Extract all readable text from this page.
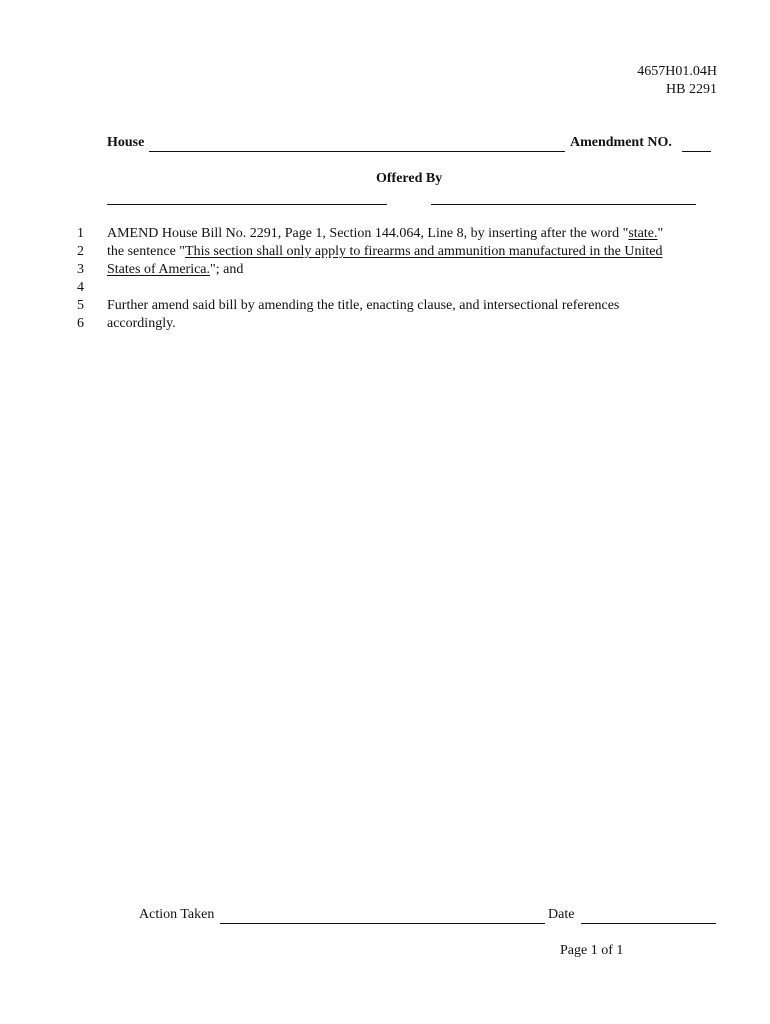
4657H01.04H
HB 2291
House	Amendment NO.
Offered By
1
2
3
4
5
6
AMEND House Bill No. 2291, Page 1, Section 144.064, Line 8, by inserting after the word "state."
the sentence "This section shall only apply to firearms and ammunition manufactured in the United
States of America."; and
Further amend said bill by amending the title, enacting clause, and intersectional references
accordingly.
Action Taken	Date
Page 1 of 1
